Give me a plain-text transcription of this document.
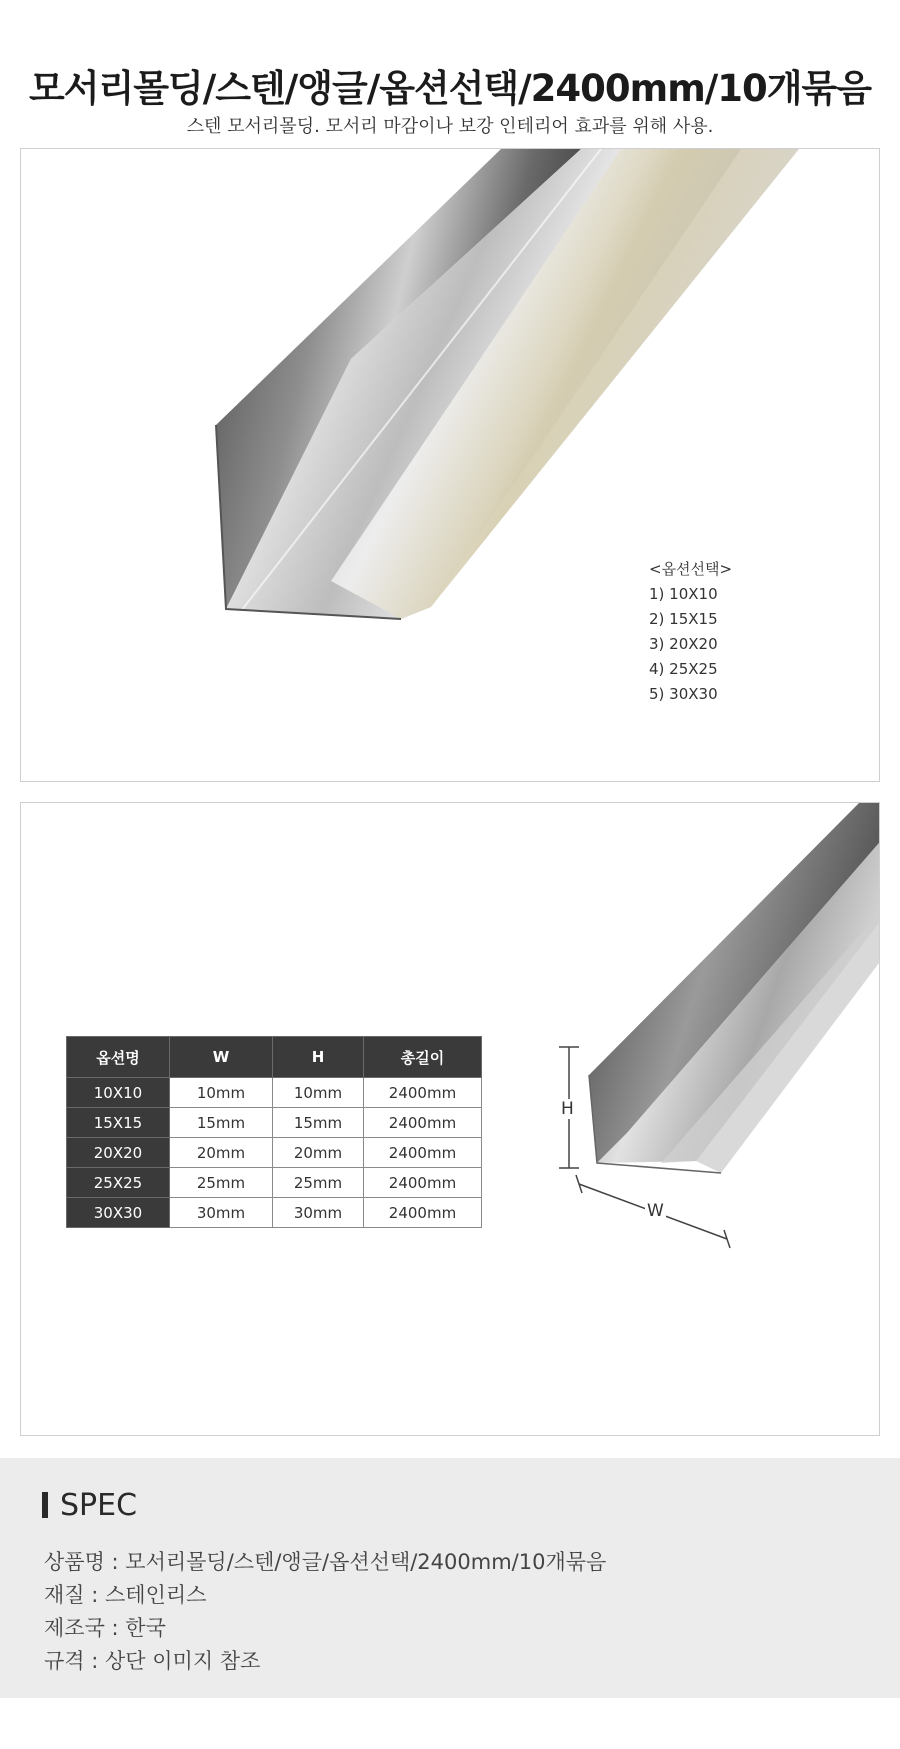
모서리몰딩/스텐/앵글/옵션선택/2400mm/10개묶음

스텐 모서리몰딩. 모서리 마감이나 보강 인테리어 효과를 위해 사용.

<옵션선택>
1) 10X10
2) 15X15
3) 20X20
4) 25X25
5) 30X30
옵션명	W	H	총길이
10X10	10mm	10mm	2400mm
15X15	15mm	15mm	2400mm
20X20	20mm	20mm	2400mm
25X25	25mm	25mm	2400mm
30X30	30mm	30mm	2400mm
H
W
SPEC
상품명 : 모서리몰딩/스텐/앵글/옵션선택/2400mm/10개묶음
재질 : 스테인리스
제조국 : 한국
규격 : 상단 이미지 참조
